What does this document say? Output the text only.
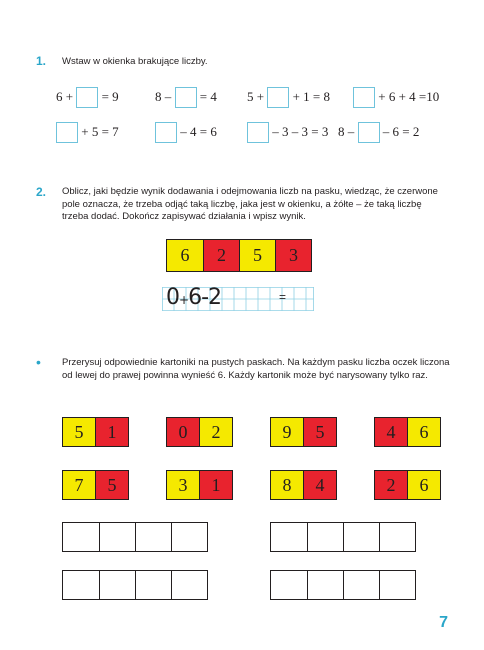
1. Wstaw w okienka brakujące liczby.
6 + = 9	8 – = 4 5 + + 1 = 8	+ 6 + 4 =10
+ 5 = 7	– 4 = 6	– 3 – 3 = 3 8 – – 6 = 2
2. Oblicz, jaki będzie wynik dodawania i odejmowania liczb na pasku, wiedząc, że czerwone pole oznacza, że trzeba odjąć taką liczbę, jaka jest w okienku, a żółte – że taką liczbę trzeba dodać. Dokończ zapisywać działania i wpisz wynik.
6	2	5	3
0+6-2	=
• Przerysuj odpowiednie kartoniki na pustych paskach. Na każdym pasku liczba oczek liczona od lewej do prawej powinna wynieść 6. Każdy kartonik może być narysowany tylko raz.
5	1	0	2	9	5	4	6
7	5	3	1	8	4	2	6
7
